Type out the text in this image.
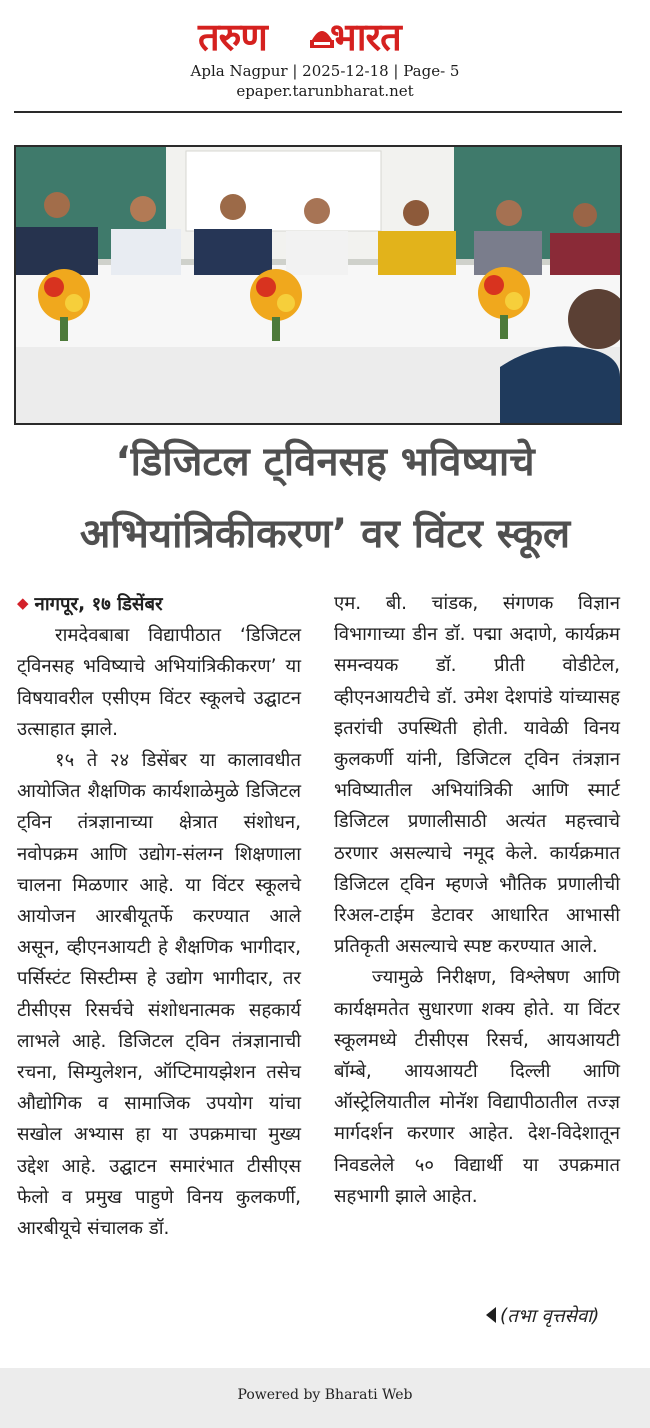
तरुण भारत
Apla Nagpur | 2025-12-18 | Page- 5
epaper.tarunbharat.net
‘डिजिटल ट्विनसह भविष्याचे
अभियांत्रिकीकरण’ वर विंटर स्कूल

◆ नागपूर, १७ डिसेंबर

रामदेवबाबा विद्यापीठात ‘डिजिटल ट्विनसह भविष्याचे अभियांत्रिकीकरण’ या विषयावरील एसीएम विंटर स्कूलचे उद्घाटन उत्साहात झाले.

१५ ते २४ डिसेंबर या कालावधीत आयोजित शैक्षणिक कार्यशाळेमुळे डिजिटल ट्विन तंत्रज्ञानाच्या क्षेत्रात संशोधन, नवोपक्रम आणि उद्योग-संलग्न शिक्षणाला चालना मिळणार आहे. या विंटर स्कूलचे आयोजन आरबीयूतर्फे करण्यात आले असून, व्हीएनआयटी हे शैक्षणिक भागीदार, पर्सिस्टंट सिस्टीम्स हे उद्योग भागीदार, तर टीसीएस रिसर्चचे संशोधनात्मक सहकार्य लाभले आहे. डिजिटल ट्विन तंत्रज्ञानाची रचना, सिम्युलेशन, ऑप्टिमायझेशन तसेच औद्योगिक व सामाजिक उपयोग यांचा सखोल अभ्यास हा या उपक्रमाचा मुख्य उद्देश आहे. उद्घाटन समारंभात टीसीएस फेलो व प्रमुख पाहुणे विनय कुलकर्णी, आरबीयूचे संचालक डॉ.

एम. बी. चांडक, संगणक विज्ञान विभागाच्या डीन डॉ. पद्मा अदाणे, कार्यक्रम समन्वयक डॉ. प्रीती वोडीटेल, व्हीएनआयटीचे डॉ. उमेश देशपांडे यांच्यासह इतरांची उपस्थिती होती. यावेळी विनय कुलकर्णी यांनी, डिजिटल ट्विन तंत्रज्ञान भविष्यातील अभियांत्रिकी आणि स्मार्ट डिजिटल प्रणालीसाठी अत्यंत महत्त्वाचे ठरणार असल्याचे नमूद केले. कार्यक्रमात डिजिटल ट्विन म्हणजे भौतिक प्रणालीची रिअल-टाईम डेटावर आधारित आभासी प्रतिकृती असल्याचे स्पष्ट करण्यात आले.

ज्यामुळे निरीक्षण, विश्लेषण आणि कार्यक्षमतेत सुधारणा शक्य होते. या विंटर स्कूलमध्ये टीसीएस रिसर्च, आयआयटी बॉम्बे, आयआयटी दिल्ली आणि ऑस्ट्रेलियातील मोनॅश विद्यापीठातील तज्ज्ञ मार्गदर्शन करणार आहेत. देश-विदेशातून निवडलेले ५० विद्यार्थी या उपक्रमात सहभागी झाले आहेत.

(तभा वृत्तसेवा)
Powered by Bharati Web
